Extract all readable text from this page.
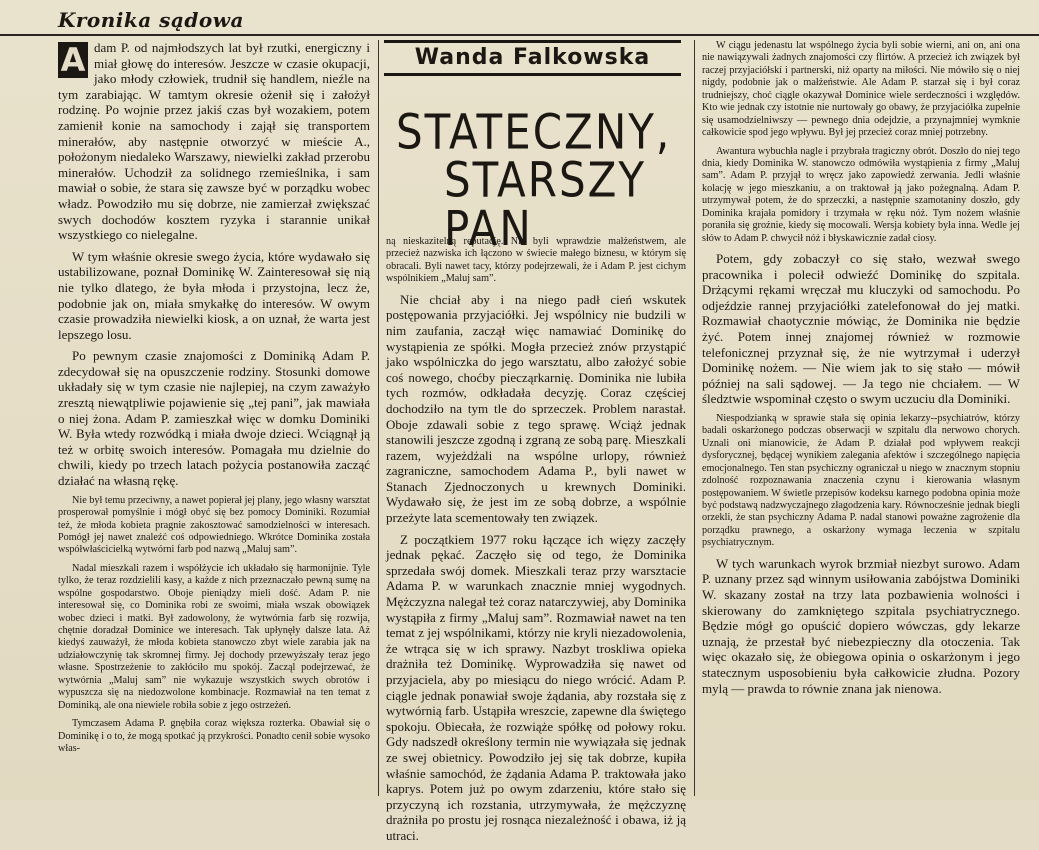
Kronika sądowa

A dam P. od najmłodszych lat był rzutki, energiczny i miał głowę do interesów. Jeszcze w czasie okupacji, jako młody człowiek, trudnił się handlem, nieźle na tym zarabiając. W tamtym okresie ożenił się i założył rodzinę. Po wojnie przez jakiś czas był wozakiem, potem zamienił konie na samochody i zajął się transportem minerałów, aby następnie otworzyć w mieście A., położonym niedaleko Warszawy, niewielki zakład przerobu minerałów. Uchodził za solidnego rzemieślnika, i sam mawiał o sobie, że stara się zawsze być w porządku wobec władz. Powodziło mu się dobrze, nie zamierzał zwiększać swych dochodów kosztem ryzyka i starannie unikał wszystkiego co nielegalne.

W tym właśnie okresie swego życia, które wydawało się ustabilizowane, poznał Dominikę W. Zainteresował się nią nie tylko dlatego, że była młoda i przystojna, lecz że, podobnie jak on, miała smykałkę do interesów. W owym czasie prowadziła niewielki kiosk, a on uznał, że warta jest lepszego losu.

Po pewnym czasie znajomości z Dominiką Adam P. zdecydował się na opuszczenie rodziny. Stosunki domowe układały się w tym czasie nie najlepiej, na czym zaważyło zresztą niewątpliwie pojawienie się „tej pani”, jak mawiała o niej żona. Adam P. zamieszkał więc w domku Dominiki W. Była wtedy rozwódką i miała dwoje dzieci. Wciągnął ją też w orbitę swoich interesów. Pomagała mu dzielnie do chwili, kiedy po trzech latach pożycia postanowiła zacząć działać na własną rękę.

Nie był temu przeciwny, a nawet popierał jej plany, jego własny warsztat prosperował pomyślnie i mógł obyć się bez pomocy Dominiki. Rozumiał też, że młoda kobieta pragnie zakosztować samodzielności w interesach. Pomógł jej nawet znaleźć coś odpowiedniego. Wkrótce Dominika została współwłaścicielką wytwórni farb pod nazwą „Maluj sam”.

Nadal mieszkali razem i współżycie ich układało się harmonijnie. Tyle tylko, że teraz rozdzielili kasy, a każde z nich przeznaczało pewną sumę na wspólne gospodarstwo. Oboje pieniądzy mieli dość. Adam P. nie interesował się, co Dominika robi ze swoimi, miała wszak obowiązek wobec dzieci i matki. Był zadowolony, że wytwórnia farb się rozwija, chętnie doradzał Dominice we interesach. Tak upłynęły dalsze lata. Aż kiedyś zauważył, że młoda kobieta stanowczo zbyt wiele zarabia jak na udziałowczynię tak skromnej firmy. Jej dochody przewyższały teraz jego własne. Spostrzeżenie to zakłóciło mu spokój. Zacząl podejrzewać, że wytwórnia „Maluj sam” nie wykazuje wszystkich swych obrotów i wypuszcza się na niedozwolone kombinacje. Rozmawiał na ten temat z Dominiką, ale ona niewiele robiła sobie z jego ostrzeżeń.

Tymczasem Adama P. gnębiła coraz większa rozterka. Obawiał się o Dominikę i o to, że mogą spotkać ją przykrości. Ponadto cenił sobie wysoko włas-

Wanda Falkowska
STATECZNY,
STARSZY PAN

ną nieskazitelną reputację. Nie byli wprawdzie małżeństwem, ale przecież nazwiska ich łączono w świecie małego biznesu, w którym się obracali. Byli nawet tacy, którzy podejrzewali, że i Adam P. jest cichym wspólnikiem „Maluj sam”.

Nie chciał aby i na niego padł cień wskutek postępowania przyjaciółki. Jej wspólnicy nie budzili w nim zaufania, zaczął więc namawiać Dominikę do wystąpienia ze spółki. Mogła przecież znów przystąpić jako wspólniczka do jego warsztatu, albo założyć sobie coś nowego, choćby piecząrkarnię. Dominika nie lubiła tych rozmów, odkładała decyzję. Coraz częściej dochodziło na tym tle do sprzeczek. Problem narastał. Oboje zdawali sobie z tego sprawę. Wciąż jednak stanowili jeszcze zgodną i zgraną ze sobą parę. Mieszkali razem, wyjeżdżali na wspólne urlopy, również zagraniczne, samochodem Adama P., byli nawet w Stanach Zjednoczonych u krewnych Dominiki. Wydawało się, że jest im ze sobą dobrze, a wspólnie przeżyte lata scementowały ten związek.

Z początkiem 1977 roku łączące ich więzy zaczęły jednak pękać. Zaczęło się od tego, że Dominika sprzedała swój domek. Mieszkali teraz przy warsztacie Adama P. w warunkach znacznie mniej wygodnych. Mężczyzna nalegał też coraz natarczywiej, aby Dominika wystąpiła z firmy „Maluj sam”. Rozmawiał nawet na ten temat z jej wspólnikami, którzy nie kryli niezadowolenia, że wtrąca się w ich sprawy. Nazbyt troskliwa opieka drażniła też Dominikę. Wyprowadziła się nawet od przyjaciela, aby po miesiącu do niego wrócić. Adam P. ciągle jednak ponawiał swoje żądania, aby rozstała się z wytwórnią farb. Ustąpiła wreszcie, zapewne dla świętego spokoju. Obiecała, że rozwiąże spółkę od połowy roku. Gdy nadszedł określony termin nie wywiązała się jednak ze swej obietnicy. Powodziło jej się tak dobrze, kupiła właśnie samochód, że żądania Adama P. traktowała jako kaprys. Potem już po owym zdarzeniu, które stało się przyczyną ich rozstania, utrzymywała, że mężczyznę drażniła po prostu jej rosnąca niezależność i obawa, iż ją utraci.

W ciągu jedenastu lat wspólnego życia byli sobie wierni, ani on, ani ona nie nawiązywali żadnych znajomości czy flirtów. A przecież ich związek był raczej przyjaciółskí i partnerski, niż oparty na miłości. Nie mówiło się o niej nigdy, podobnie jak o małżeństwie. Ale Adam P. starzał się i był coraz trudniejszy, choć ciągle okazywał Dominice wiele serdeczności i względów. Kto wie jednak czy istotnie nie nurtowały go obawy, że przyjaciółka zupełnie się usamodzielniwszy — pewnego dnia odejdzie, a przynajmniej wymknie całkowicie spod jego wpływu. Był jej przecież coraz mniej potrzebny.

Awantura wybuchła nagle i przybrała tragiczny obrót. Doszło do niej tego dnia, kiedy Dominika W. stanowczo odmówiła wystąpienia z firmy „Maluj sam”. Adam P. przyjął to wręcz jako zapowiedź zerwania. Jedli właśnie kolację w jego mieszkaniu, a on traktował ją jako pożegnalną. Adam P. utrzymywał potem, że do sprzeczki, a następnie szamotaniny doszło, gdy Dominika krajała pomidory i trzymała w ręku nóż. Tym nożem właśnie poraniła się groźnie, kiedy się mocowali. Wersja kobiety była inna. Wedle jej słów to Adam P. chwycił nóż i błyskawicznie zadał ciosy.

Potem, gdy zobaczył co się stało, wezwał swego pracownika i polecił odwieźć Dominikę do szpitala. Drżącymi rękami wręczał mu kluczyki od samochodu. Po odjeździe rannej przyjaciółki zatelefonował do jej matki. Rozmawiał chaotycznie mówiąc, że Dominika nie będzie żyć. Potem innej znajomej również w rozmowie telefonicznej przyznał się, że nie wytrzymał i uderzył Dominikę nożem. — Nie wiem jak to się stało — mówił później na sali sądowej. — Ja tego nie chciałem. — W śledztwie wspominał często o swym uczuciu dla Dominiki.

Niespodzianką w sprawie stała się opinia lekarzy--psychiatrów, którzy badali oskarżonego podczas obserwacji w szpitalu dla nerwowo chorych. Uznali oni mianowicie, że Adam P. działał pod wpływem reakcji dysforycznej, będącej wynikiem zalegania afektów i szczególnego napięcia emocjonalnego. Ten stan psychiczny ograniczał u niego w znacznym stopniu zdolność rozpoznawania znaczenia czynu i kierowania własnym postępowaniem. W świetle przepisów kodeksu karnego podobna opinia może być podstawą nadzwyczajnego złagodzenia kary. Równocześnie jednak biegli orzekli, że stan psychiczny Adama P. nadal stanowi poważne zagrożenie dla porządku prawnego, a oskarżony wymaga leczenia w szpitalu psychiatrycznym.

W tych warunkach wyrok brzmiał niezbyt surowo. Adam P. uznany przez sąd winnym usiłowania zabójstwa Dominiki W. skazany został na trzy lata pozbawienia wolności i skierowany do zamkniętego szpitala psychiatrycznego. Będzie mógł go opuścić dopiero wówczas, gdy lekarze uznają, że przestał być niebezpieczny dla otoczenia. Tak więc okazało się, że obiegowa opinia o oskarżonym i jego statecznym usposobieniu była całkowicie złudna. Pozory mylą — prawda to równie znana jak nienowa.
